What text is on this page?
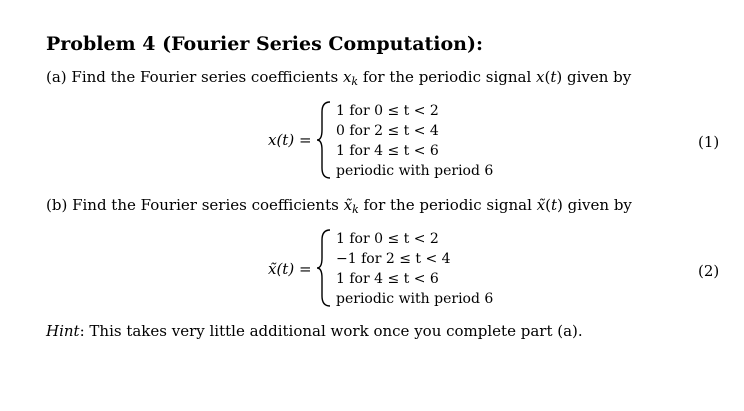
Problem 4 (Fourier Series Computation):
(a) Find the Fourier series coefficients $x_k$ for the periodic signal x(t) given by
x(t) =
1 for 0 ≤ t < 2
0 for 2 ≤ t < 4
1 for 4 ≤ t < 6
periodic with period 6
(1)
(b) Find the Fourier series coefficients $x̃_k$ for the periodic signal x̃(t) given by
x̃(t) =
1 for 0 ≤ t < 2
−1 for 2 ≤ t < 4
1 for 4 ≤ t < 6
periodic with period 6
(2)
Hint: This takes very little additional work once you complete part (a).
